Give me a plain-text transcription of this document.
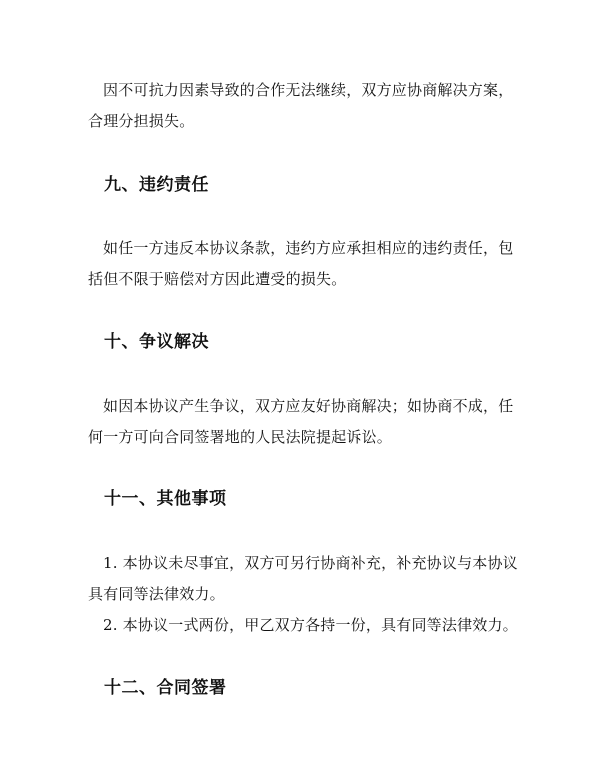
因不可抗力因素导致的合作无法继续，双方应协商解决方案，合理分担损失。

九、违约责任

如任一方违反本协议条款，违约方应承担相应的违约责任，包括但不限于赔偿对方因此遭受的损失。

十、争议解决

如因本协议产生争议，双方应友好协商解决；如协商不成，任何一方可向合同签署地的人民法院提起诉讼。

十一、其他事项

1. 本协议未尽事宜，双方可另行协商补充，补充协议与本协议具有同等法律效力。

2. 本协议一式两份，甲乙双方各持一份，具有同等法律效力。

十二、合同签署
